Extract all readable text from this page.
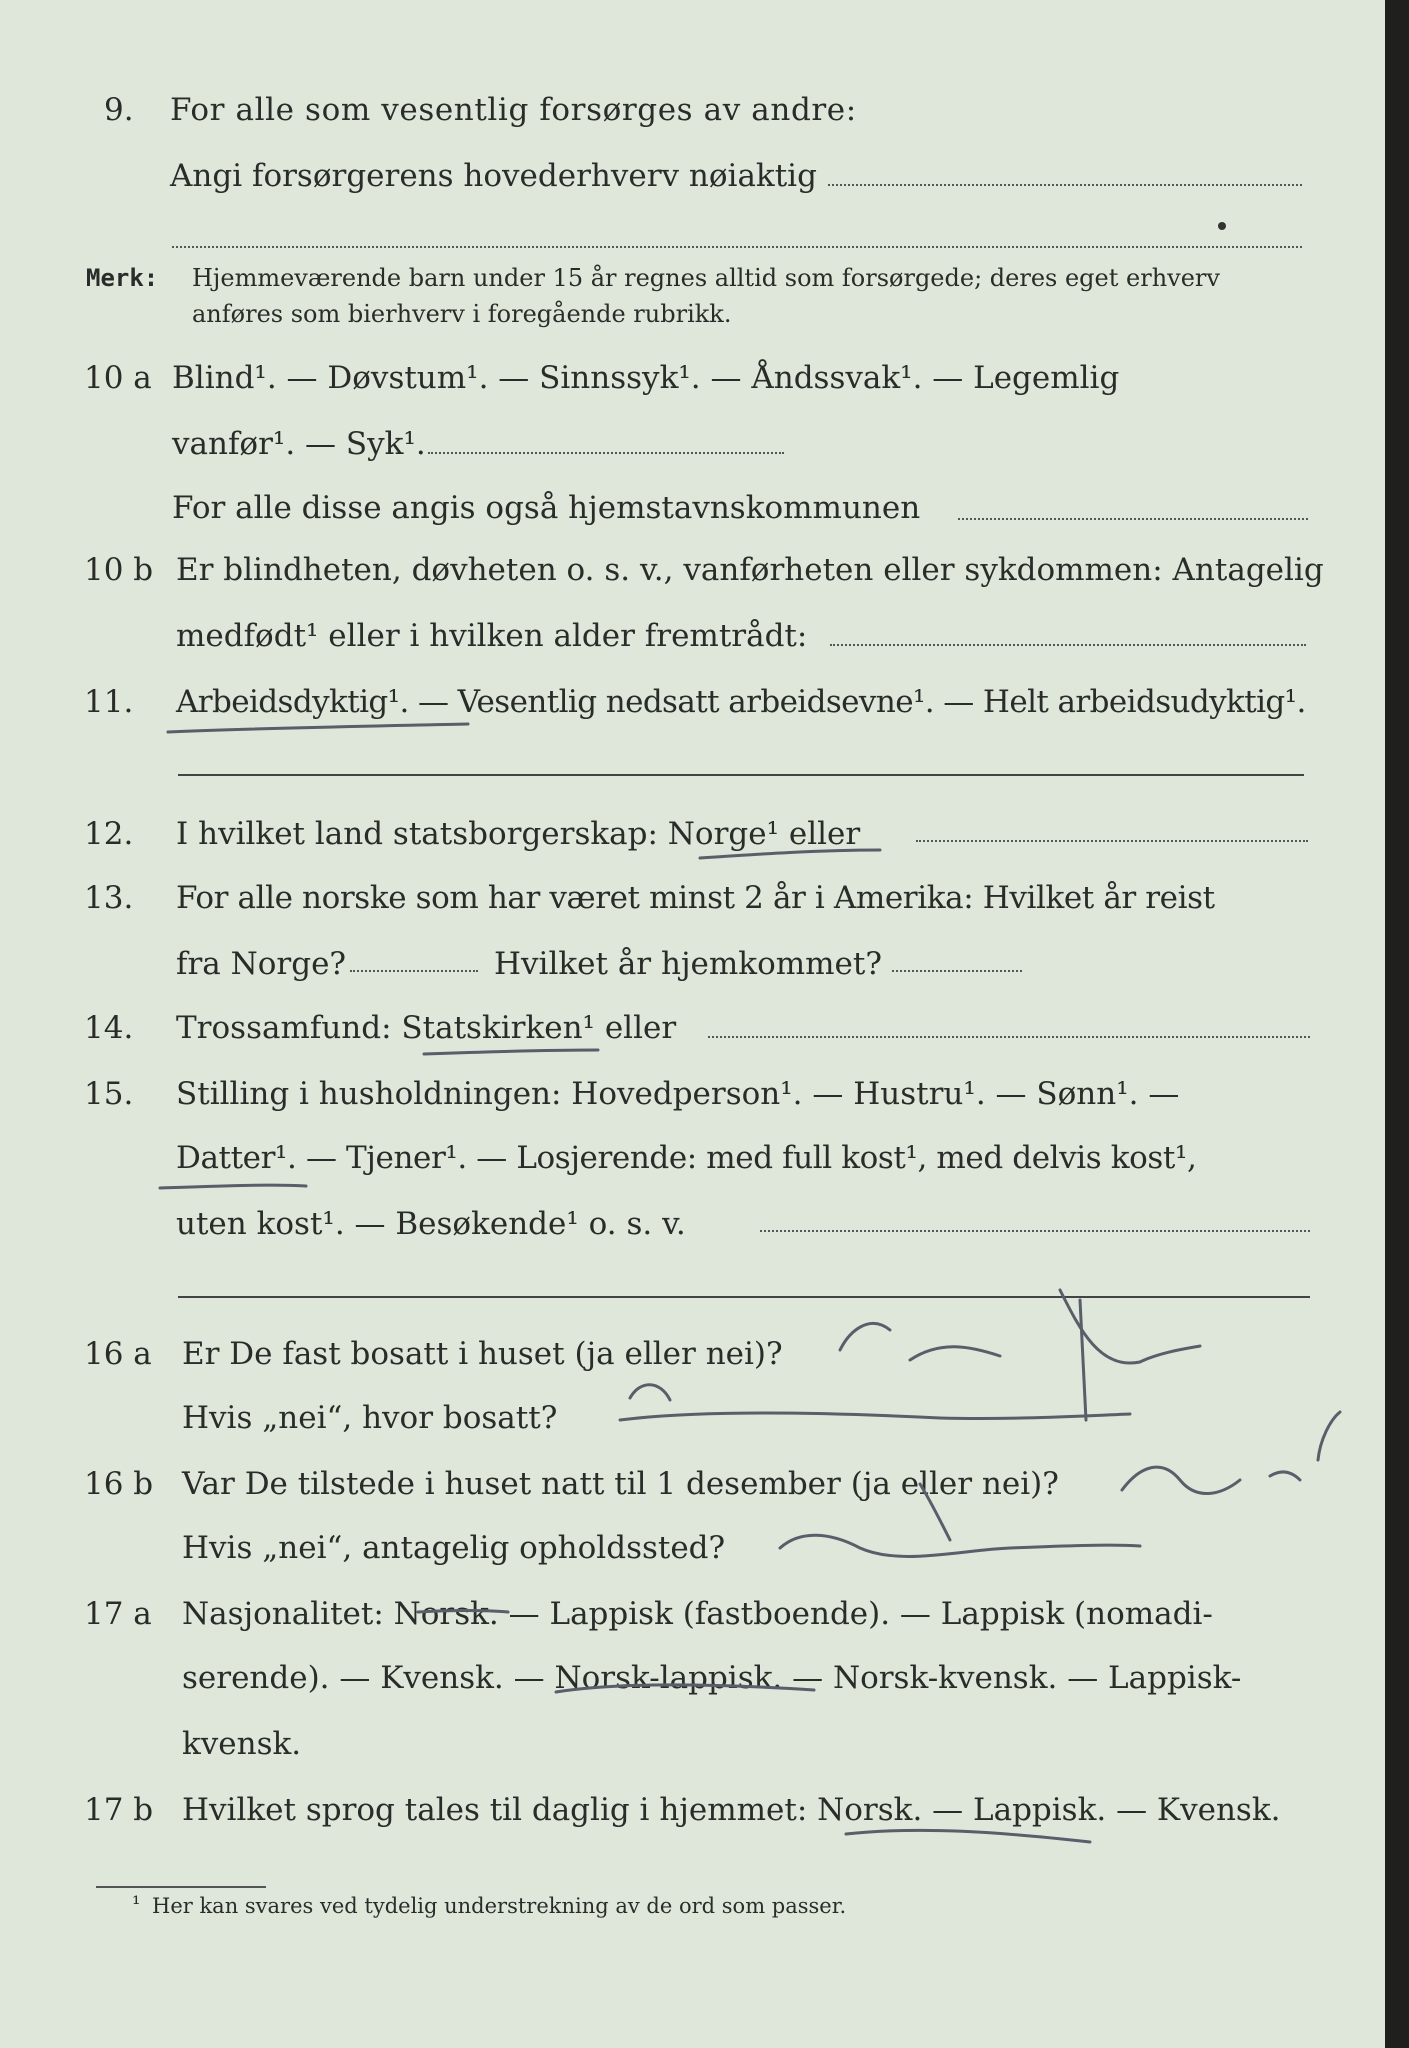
9. For alle som vesentlig forsørges av andre:
Angi forsørgerens hovederhverv nøiaktig
Merk: Hjemmeværende barn under 15 år regnes alltid som forsørgede; deres eget erhverv
anføres som bierhverv i foregående rubrikk.
10 a Blind¹. — Døvstum¹. — Sinnssyk¹. — Åndssvak¹. — Legemlig
vanfør¹. — Syk¹.
For alle disse angis også hjemstavnskommunen
10 b Er blindheten, døvheten o. s. v., vanførheten eller sykdommen: Antagelig
medfødt¹ eller i hvilken alder fremtrådt:
11. Arbeidsdyktig¹. — Vesentlig nedsatt arbeidsevne¹. — Helt arbeidsudyktig¹.
12. I hvilket land statsborgerskap: Norge¹ eller
13. For alle norske som har været minst 2 år i Amerika: Hvilket år reist
fra Norge?	Hvilket år hjemkommet?
14. Trossamfund: Statskirken¹ eller
15. Stilling i husholdningen: Hovedperson¹. — Hustru¹. — Sønn¹. —
Datter¹. — Tjener¹. — Losjerende: med full kost¹, med delvis kost¹,
uten kost¹. — Besøkende¹ o. s. v.
16 a Er De fast bosatt i huset (ja eller nei)?
Hvis „nei“, hvor bosatt?
16 b Var De tilstede i huset natt til 1 desember (ja eller nei)?
Hvis „nei“, antagelig opholdssted?
17 a Nasjonalitet: Norsk. — Lappisk (fastboende). — Lappisk (nomadi-
serende). — Kvensk. — Norsk-lappisk. — Norsk-kvensk. — Lappisk-
kvensk.
17 b Hvilket sprog tales til daglig i hjemmet: Norsk. — Lappisk. — Kvensk.
¹ Her kan svares ved tydelig understrekning av de ord som passer.
